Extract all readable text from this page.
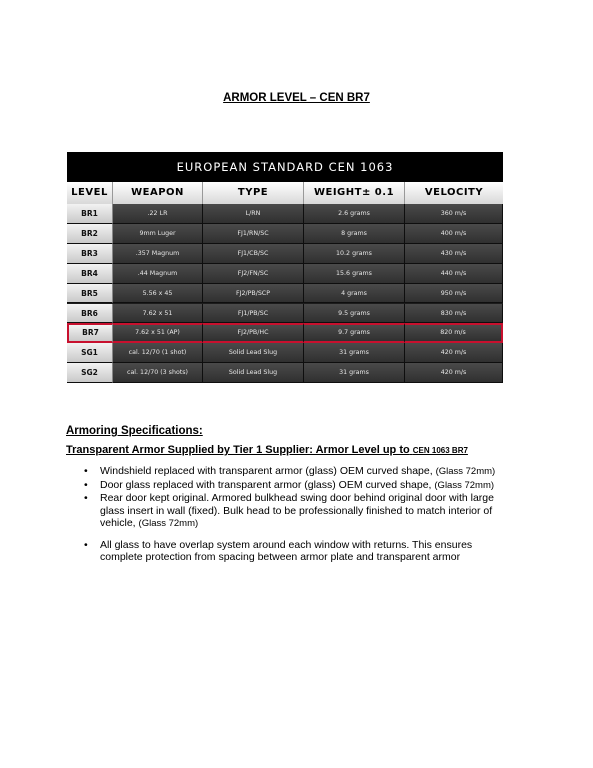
ARMOR LEVEL – CEN BR7
EUROPEAN STANDARD CEN 1063
LEVEL	WEAPON	TYPE	WEIGHT± 0.1	VELOCITY
BR1	.22 LR	L/RN	2.6 grams	360 m/s
BR2	9mm Luger	FJ1/RN/SC	8 grams	400 m/s
BR3	.357 Magnum	FJ1/CB/SC	10.2 grams	430 m/s
BR4	.44 Magnum	FJ2/FN/SC	15.6 grams	440 m/s
BR5	5.56 x 45	FJ2/PB/SCP	4 grams	950 m/s
BR6	7.62 x 51	FJ1/PB/SC	9.5 grams	830 m/s
BR7	7.62 x 51 (AP)	FJ2/PB/HC	9.7 grams	820 m/s
SG1	cal. 12/70 (1 shot)	Solid Lead Slug	31 grams	420 m/s
SG2	cal. 12/70 (3 shots)	Solid Lead Slug	31 grams	420 m/s
Armoring Specifications:
Transparent Armor Supplied by Tier 1 Supplier: Armor Level up to CEN 1063 BR7
• Windshield replaced with transparent armor (glass) OEM curved shape, (Glass 72mm)
• Door glass replaced with transparent armor (glass) OEM curved shape, (Glass 72mm)
• Rear door kept original. Armored bulkhead swing door behind original door with large glass insert in wall (fixed). Bulk head to be professionally finished to match interior of vehicle, (Glass 72mm)
• All glass to have overlap system around each window with returns. This ensures complete protection from spacing between armor plate and transparent armor
